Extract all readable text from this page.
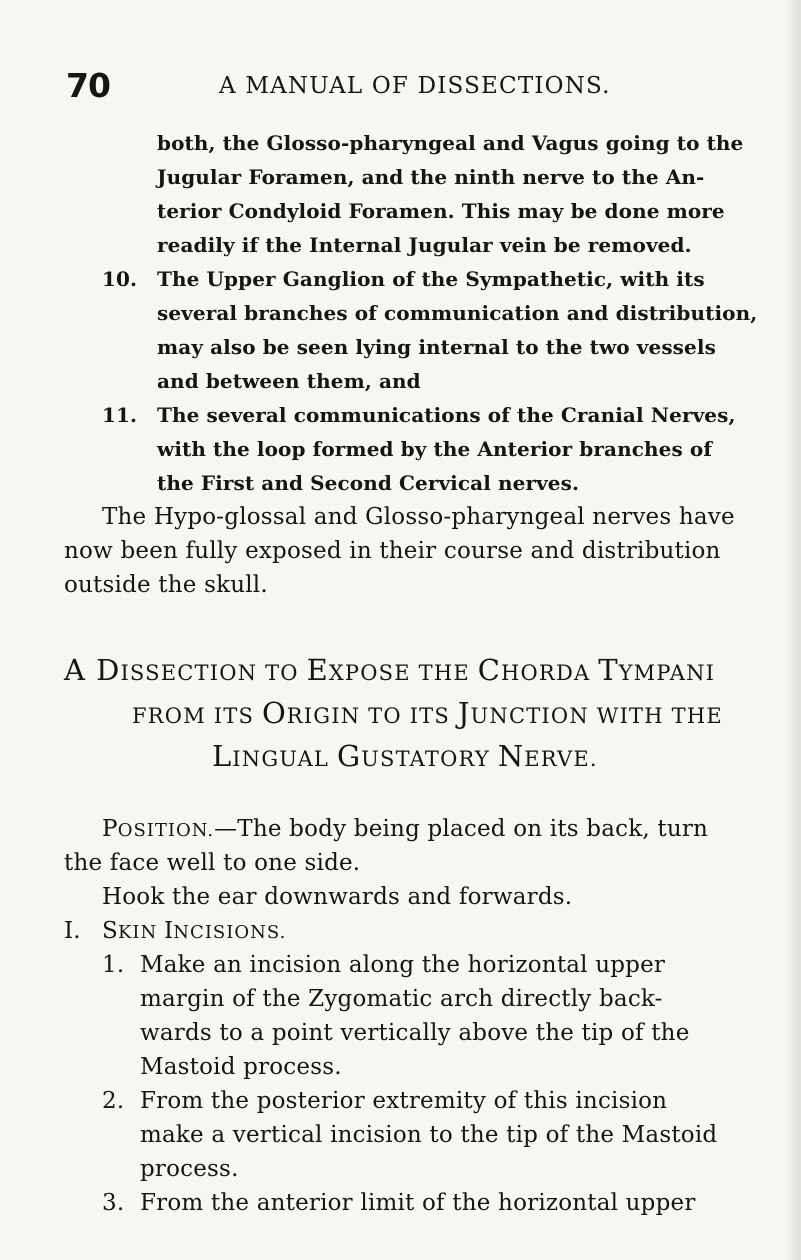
70	A MANUAL OF DISSECTIONS.
both, the Glosso-pharyngeal and Vagus going to the
Jugular Foramen, and the ninth nerve to the An-
terior Condyloid Foramen. This may be done more
readily if the Internal Jugular vein be removed.
10. The Upper Ganglion of the Sympathetic, with its
several branches of communication and distribution,
may also be seen lying internal to the two vessels
and between them, and
11. The several communications of the Cranial Nerves,
with the loop formed by the Anterior branches of
the First and Second Cervical nerves.
The Hypo-glossal and Glosso-pharyngeal nerves have
now been fully exposed in their course and distribution
outside the skull.
A DISSECTION TO EXPOSE THE CHORDA TYMPANI
FROM ITS ORIGIN TO ITS JUNCTION WITH THE
LINGUAL GUSTATORY NERVE.
POSITION.—The body being placed on its back, turn
the face well to one side.
Hook the ear downwards and forwards.
I. SKIN INCISIONS.
1. Make an incision along the horizontal upper
margin of the Zygomatic arch directly back-
wards to a point vertically above the tip of the
Mastoid process.
2. From the posterior extremity of this incision
make a vertical incision to the tip of the Mastoid
process.
3. From the anterior limit of the horizontal upper
